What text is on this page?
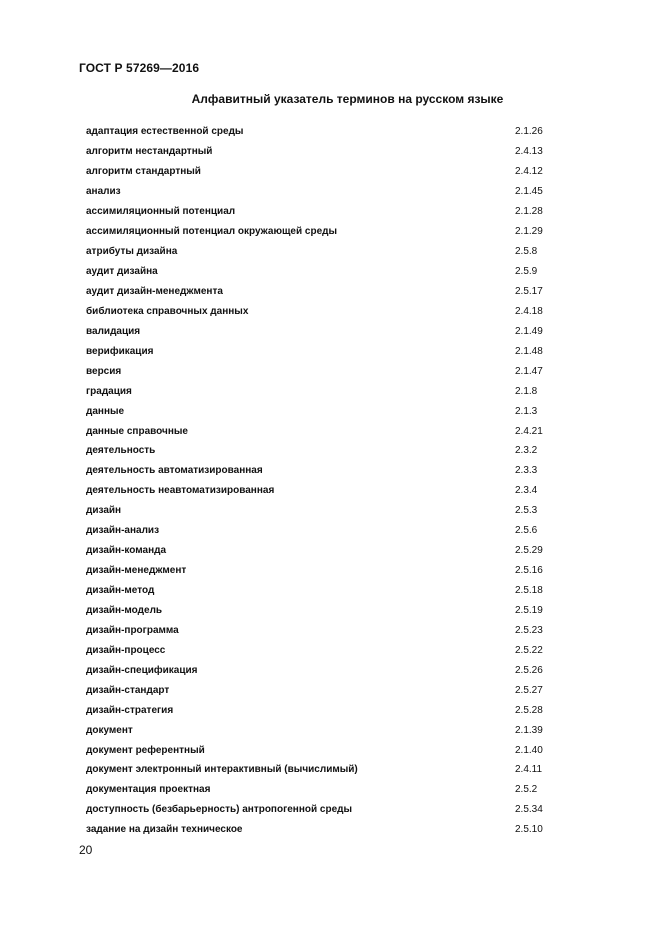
ГОСТ Р 57269—2016
Алфавитный указатель терминов на русском языке
адаптация естественной среды	2.1.26
алгоритм нестандартный	2.4.13
алгоритм стандартный	2.4.12
анализ	2.1.45
ассимиляционный потенциал	2.1.28
ассимиляционный потенциал окружающей среды	2.1.29
атрибуты дизайна	2.5.8
аудит дизайна	2.5.9
аудит дизайн-менеджмента	2.5.17
библиотека справочных данных	2.4.18
валидация	2.1.49
верификация	2.1.48
версия	2.1.47
градация	2.1.8
данные	2.1.3
данные справочные	2.4.21
деятельность	2.3.2
деятельность автоматизированная	2.3.3
деятельность неавтоматизированная	2.3.4
дизайн	2.5.3
дизайн-анализ	2.5.6
дизайн-команда	2.5.29
дизайн-менеджмент	2.5.16
дизайн-метод	2.5.18
дизайн-модель	2.5.19
дизайн-программа	2.5.23
дизайн-процесс	2.5.22
дизайн-спецификация	2.5.26
дизайн-стандарт	2.5.27
дизайн-стратегия	2.5.28
документ	2.1.39
документ референтный	2.1.40
документ электронный интерактивный (вычислимый)	2.4.11
документация проектная	2.5.2
доступность (безбарьерность) антропогенной среды	2.5.34
задание на дизайн техническое	2.5.10
20
